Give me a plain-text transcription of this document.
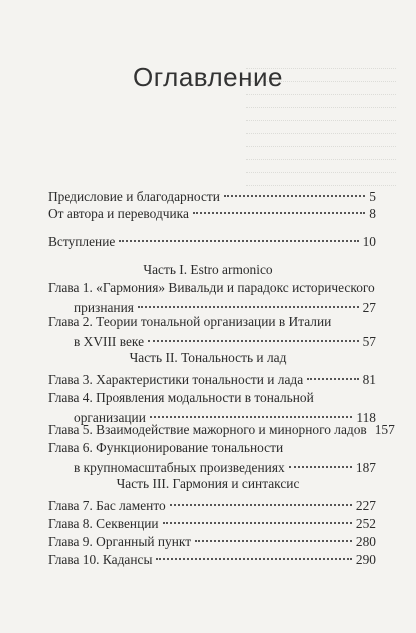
Оглавление
Предисловие и благодарности	5
От автора и переводчика	8
Вступление	10
Часть I. Estro armonico
Глава 1. «Гармония» Вивальди и парадокс исторического
признания	27
Глава 2. Теории тональной организации в Италии
в XVIII веке	57
Часть II. Тональность и лад
Глава 3. Характеристики тональности и лада	81
Глава 4. Проявления модальности в тональной
организации	118
Глава 5. Взаимодействие мажорного и минорного ладов 157
Глава 6. Функционирование тональности
в крупномасштабных произведениях	187
Часть III. Гармония и синтаксис
Глава 7. Бас ламенто	227
Глава 8. Секвенции	252
Глава 9. Органный пункт	280
Глава 10. Кадансы	290
